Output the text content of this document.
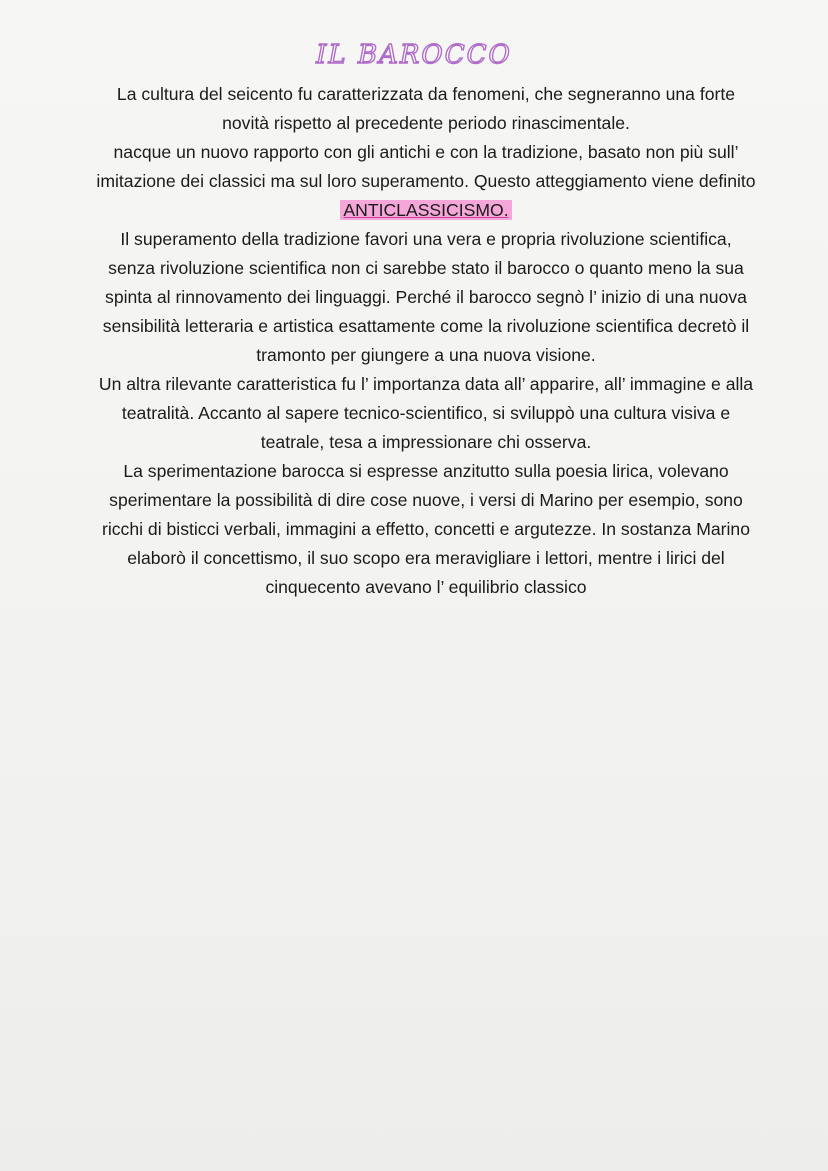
IL BAROCCO

La cultura del seicento fu caratterizzata da fenomeni, che segneranno una forte novità rispetto al precedente periodo rinascimentale.

nacque un nuovo rapporto con gli antichi e con la tradizione, basato non più sull’ imitazione dei classici ma sul loro superamento. Questo atteggiamento viene definito ANTICLASSICISMO.

Il superamento della tradizione favori una vera e propria rivoluzione scientifica, senza rivoluzione scientifica non ci sarebbe stato il barocco o quanto meno la sua spinta al rinnovamento dei linguaggi. Perché il barocco segnò l’ inizio di una nuova sensibilità letteraria e artistica esattamente come la rivoluzione scientifica decretò il tramonto per giungere a una nuova visione.

Un altra rilevante caratteristica fu l’ importanza data all’ apparire, all’ immagine e alla teatralità. Accanto al sapere tecnico-scientifico, si sviluppò una cultura visiva e teatrale, tesa a impressionare chi osserva.

La sperimentazione barocca si espresse anzitutto sulla poesia lirica, volevano sperimentare la possibilità di dire cose nuove, i versi di Marino per esempio, sono ricchi di bisticci verbali, immagini a effetto, concetti e argutezze. In sostanza Marino elaborò il concettismo, il suo scopo era meravigliare i lettori, mentre i lirici del cinquecento avevano l’ equilibrio classico
